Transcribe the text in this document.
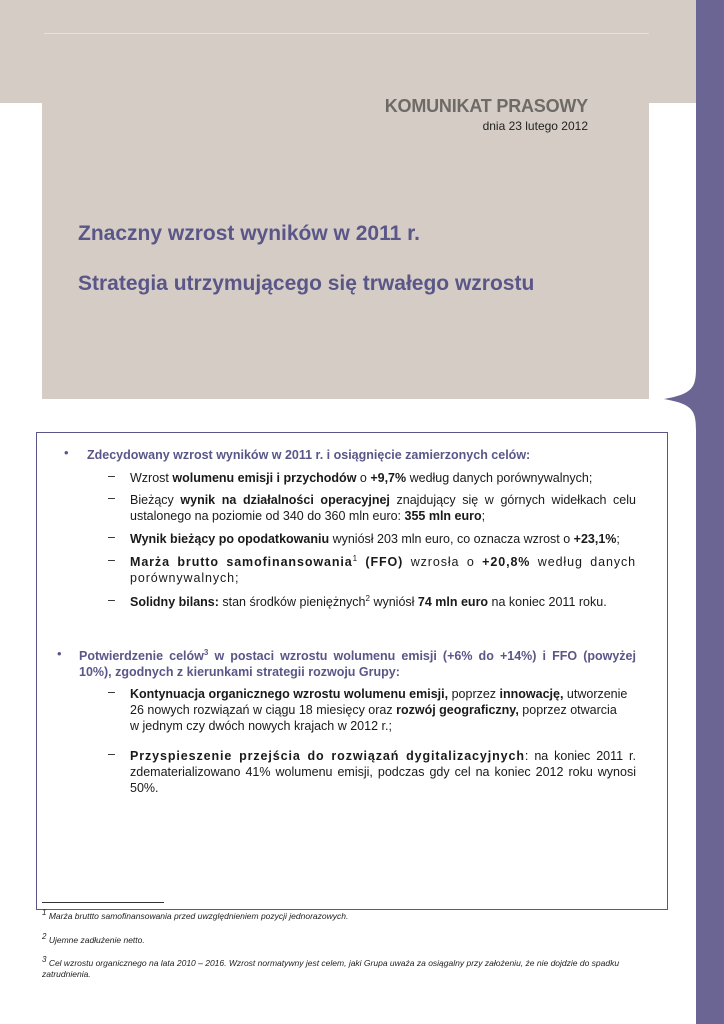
KOMUNIKAT PRASOWY
dnia 23 lutego 2012
Znaczny wzrost wyników w 2011 r.
Strategia utrzymującego się trwałego wzrostu
• Zdecydowany wzrost wyników w 2011 r. i osiągnięcie zamierzonych celów:
– Wzrost wolumenu emisji i przychodów o +9,7% według danych porównywalnych;
– Bieżący wynik na działalności operacyjnej znajdujący się w górnych widełkach celu ustalonego na poziomie od 340 do 360 mln euro: 355 mln euro;
– Wynik bieżący po opodatkowaniu wyniósł 203 mln euro, co oznacza wzrost o +23,1%;
– Marża brutto samofinansowania$^1$ (FFO) wzrosła o +20,8% według danych porównywalnych;
– Solidny bilans: stan środków pieniężnych$^2$ wyniósł 74 mln euro na koniec 2011 roku.
• Potwierdzenie celów$^3$ w postaci wzrostu wolumenu emisji (+6% do +14%) i FFO (powyżej 10%), zgodnych z kierunkami strategii rozwoju Grupy:
– Kontynuacja organicznego wzrostu wolumenu emisji, poprzez innowację, utworzenie 26 nowych rozwiązań w ciągu 18 miesięcy oraz rozwój geograficzny, poprzez otwarcia
w jednym czy dwóch nowych krajach w 2012 r.;
– Przyspieszenie przejścia do rozwiązań dygitalizacyjnych: na koniec 2011 r. zdematerializowano 41% wolumenu emisji, podczas gdy cel na koniec 2012 roku wynosi 50%.
$^1$ Marża bruttto samofinansowania przed uwzględnieniem pozycji jednorazowych.
$^2$ Ujemne zadłużenie netto.
$^3$ Cel wzrostu organicznego na lata 2010 – 2016. Wzrost normatywny jest celem, jaki Grupa uważa za osiągalny przy założeniu, że nie dojdzie do spadku zatrudnienia.
